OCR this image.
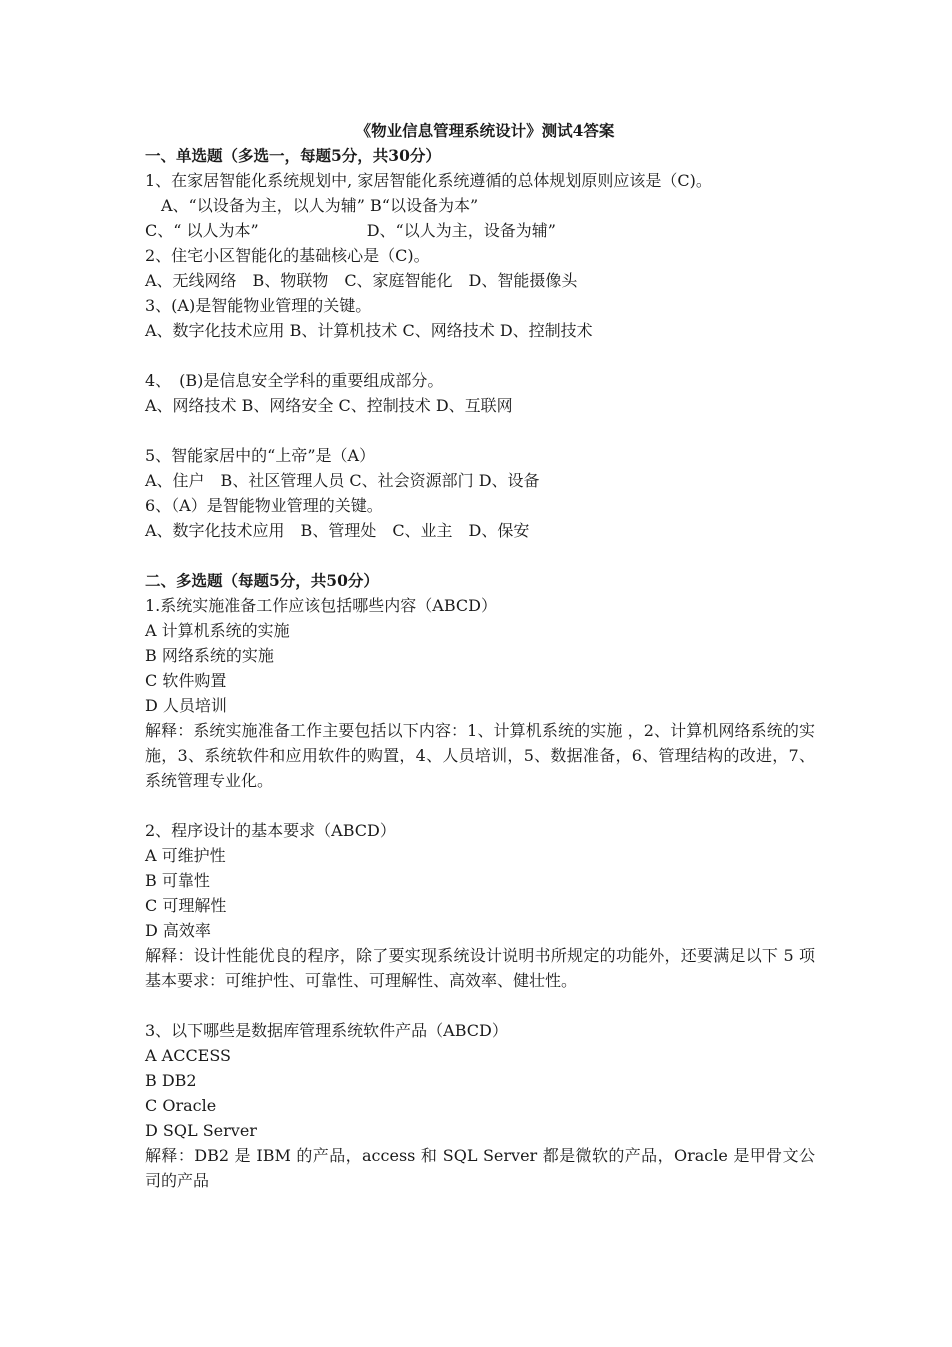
《物业信息管理系统设计》测试4答案
一、单选题（多选一，每题5分，共30分）
1、在家居智能化系统规划中, 家居智能化系统遵循的总体规划原则应该是（C)。
A、“以设备为主，以人为辅” B“以设备为本”
C、“ 以人为本”	D、“以人为主，设备为辅”
2、住宅小区智能化的基础核心是（C)。
A、无线网络　B、物联物　C、家庭智能化　D、智能摄像头
3、(A)是智能物业管理的关键。
A、数字化技术应用 B、计算机技术 C、网络技术 D、控制技术
4、　(B)是信息安全学科的重要组成部分。
A、网络技术 B、网络安全 C、控制技术 D、互联网
5、智能家居中的“上帝”是（A）
A、住户　B、社区管理人员 C、社会资源部门 D、设备
6、（A）是智能物业管理的关键。
A、数字化技术应用　B、管理处　C、业主　D、保安
二、多选题（每题5分，共50分）
1.系统实施准备工作应该包括哪些内容（ABCD）
A 计算机系统的实施
B 网络系统的实施
C 软件购置
D 人员培训
解释：系统实施准备工作主要包括以下内容：1、计算机系统的实施 ，2、计算机网络系统的实施，3、系统软件和应用软件的购置，4、人员培训，5、数据准备，6、管理结构的改进，7、系统管理专业化。
2、程序设计的基本要求（ABCD）
A 可维护性
B 可靠性
C 可理解性
D 高效率
解释：设计性能优良的程序，除了要实现系统设计说明书所规定的功能外，还要满足以下 5 项基本要求：可维护性、可靠性、可理解性、高效率、健壮性。
3、以下哪些是数据库管理系统软件产品（ABCD）
A ACCESS
B DB2
C Oracle
D SQL Server
解释：DB2 是 IBM 的产品，access 和 SQL Server 都是微软的产品，Oracle 是甲骨文公司的产品
